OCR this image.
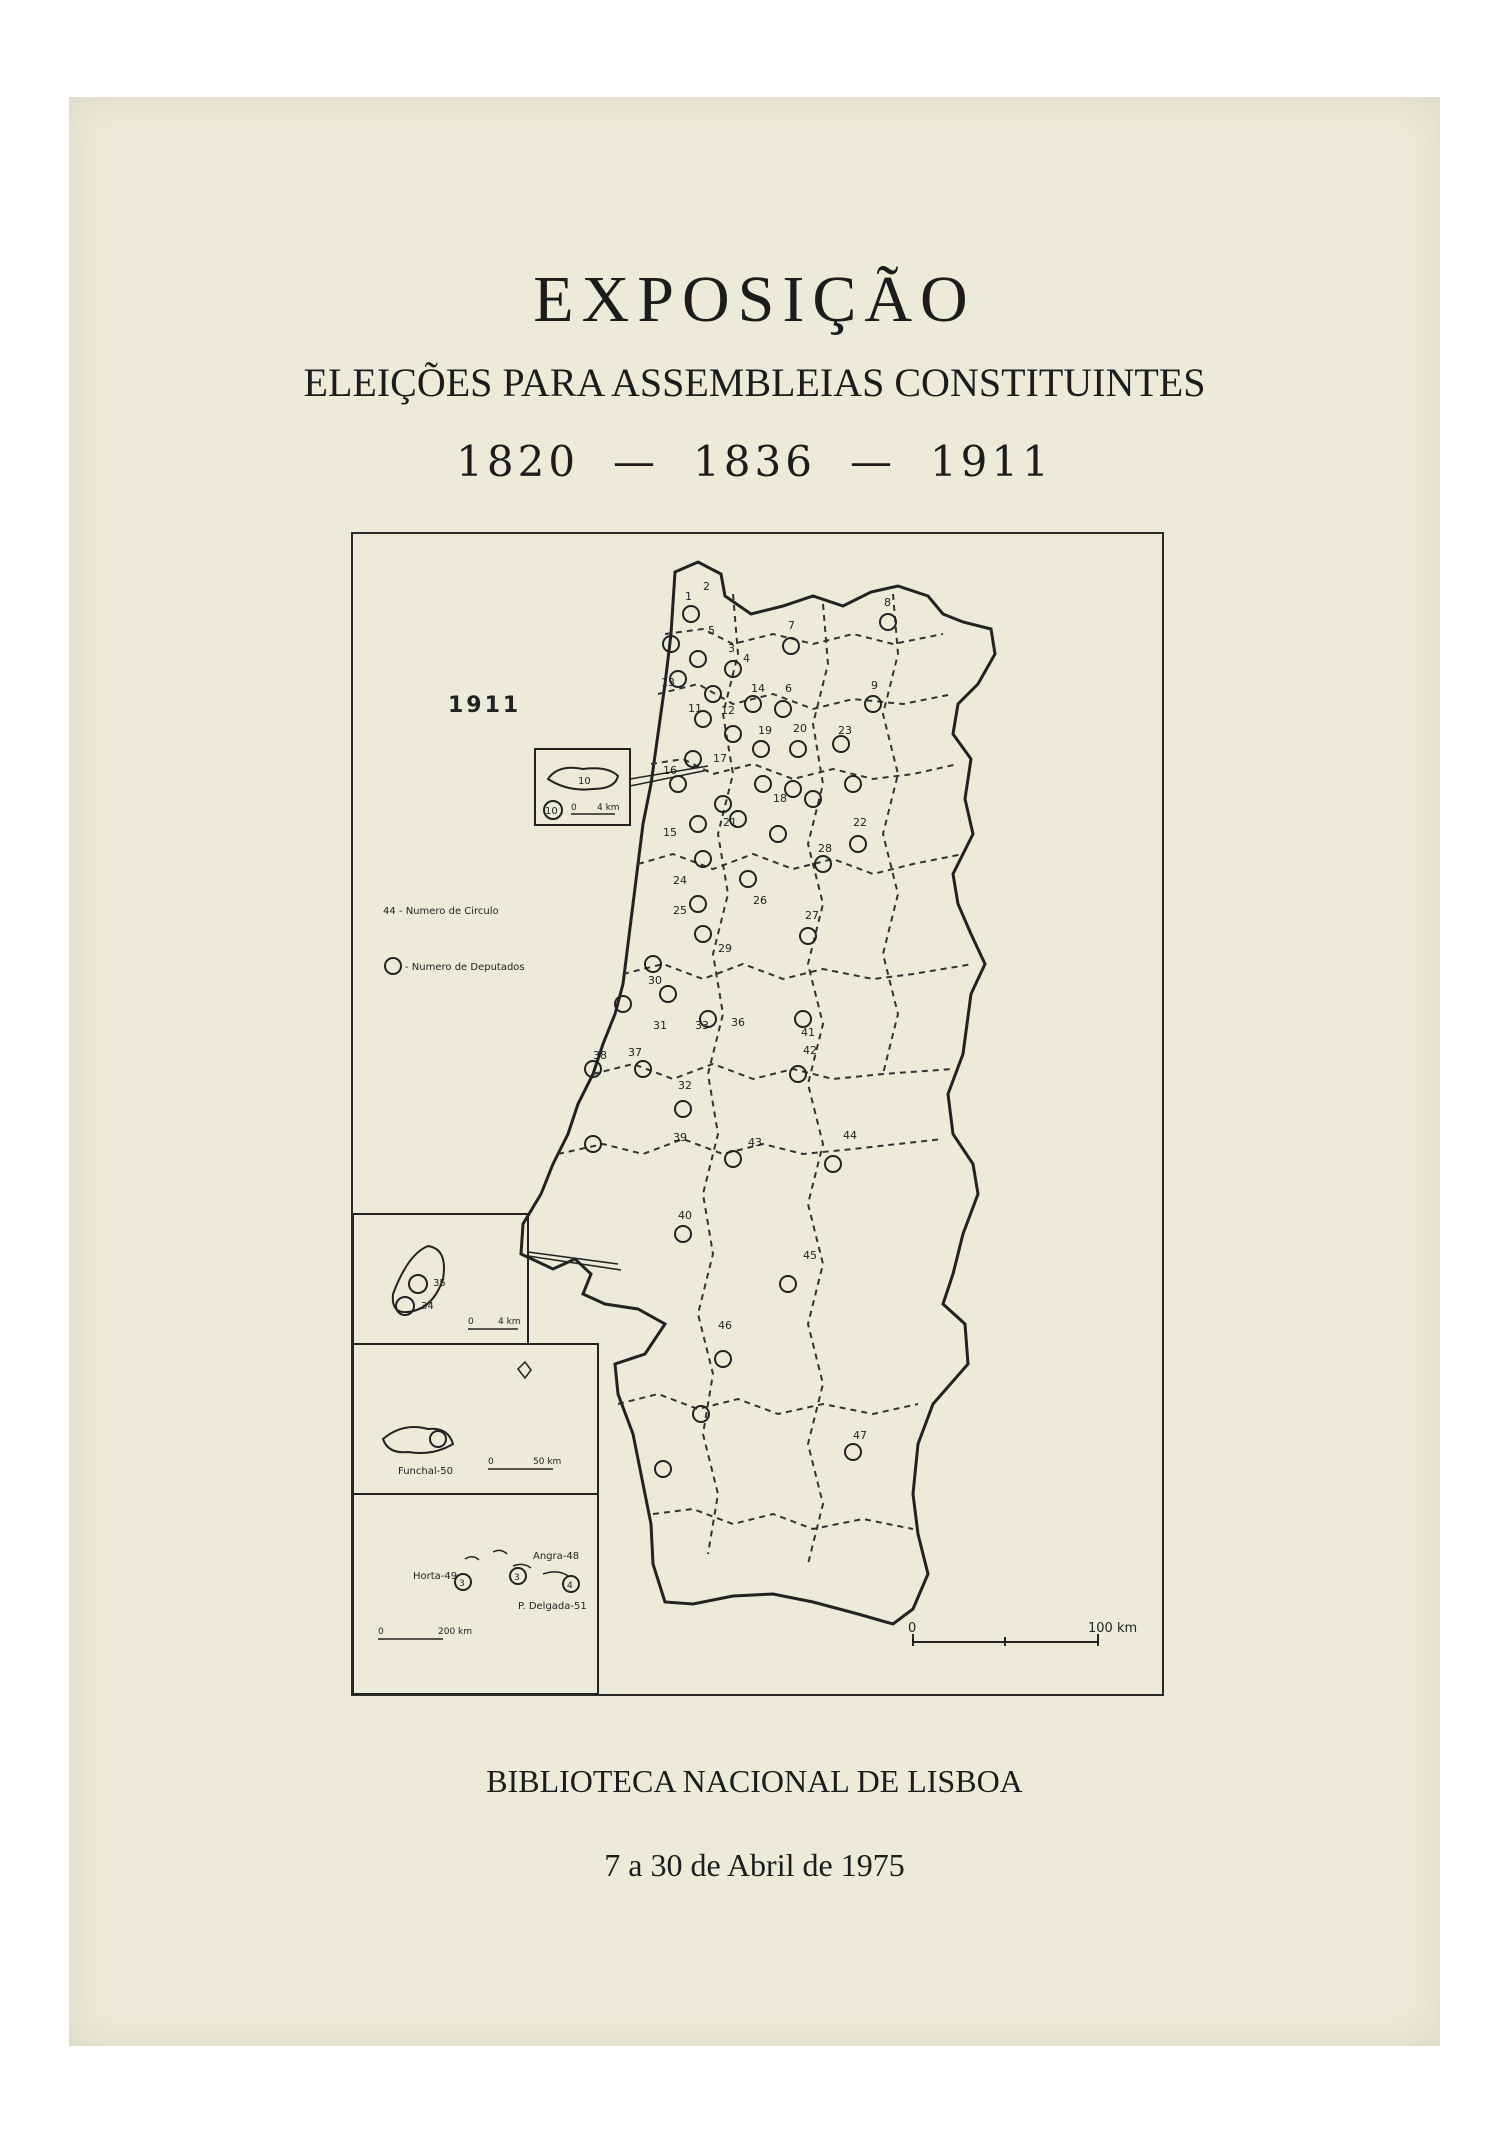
EXPOSIÇÃO
ELEIÇÕES PARA ASSEMBLEIAS CONSTITUINTES
1820 — 1836 — 1911
1
2
3
4
5
6
7
8
9
11 12
13	14
15
16
17
18
19 20
21	22
23
24
25
26
27
28
29
30
31
32
33 36
37
38
39
40
41
42
43
44
45
46
47
1911
44 - Numero de Circulo
- Numero de Deputados
10
10 0 4 km
35
34
0	4 km
Funchal-50
0	50 km
3
3
4
Horta-49
Angra-48
P. Delgada-51
0	200 km	0	100 km
BIBLIOTECA NACIONAL DE LISBOA
7 a 30 de Abril de 1975
